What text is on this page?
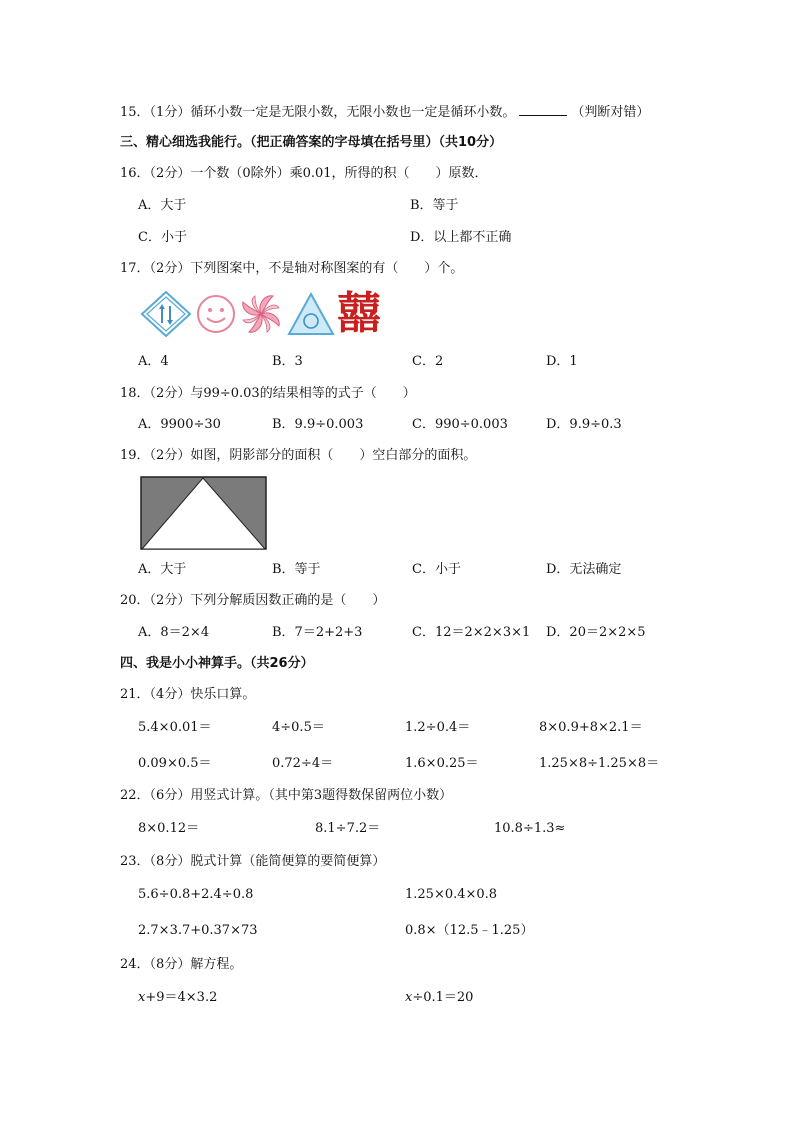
15．（1分）循环小数一定是无限小数，无限小数也一定是循环小数。	（判断对错）
三、精心细选我能行。（把正确答案的字母填在括号里）（共10分）
16．（2分）一个数（0除外）乘0.01，所得的积（　　）原数．
A．大于	B．等于
C．小于	D．以上都不正确
17．（2分）下列图案中，不是轴对称图案的有（　　）个。
囍
A．4	B．3	C．2	D．1
18．（2分）与99÷0.03的结果相等的式子（　　）
A．9900÷30	B．9.9÷0.003	C．990÷0.003	D．9.9÷0.3
19．（2分）如图，阴影部分的面积（　　）空白部分的面积。
A．大于	B．等于	C．小于	D．无法确定
20．（2分）下列分解质因数正确的是（　　）
A．8＝2×4	B．7＝2+2+3	C．12＝2×2×3×1 D．20＝2×2×5
四、我是小小神算手。（共26分）
21．（4分）快乐口算。
5.4×0.01＝	4÷0.5＝	1.2÷0.4＝	8×0.9+8×2.1＝
0.09×0.5＝	0.72÷4＝	1.6×0.25＝	1.25×8÷1.25×8＝
22．（6分）用竖式计算。（其中第3题得数保留两位小数）
8×0.12＝	8.1÷7.2＝	10.8÷1.3≈
23．（8分）脱式计算（能简便算的要简便算）
5.6÷0.8+2.4÷0.8	1.25×0.4×0.8
2.7×3.7+0.37×73	0.8×（12.5﹣1.25）
24．（8分）解方程。
x+9＝4×3.2	x÷0.1＝20
